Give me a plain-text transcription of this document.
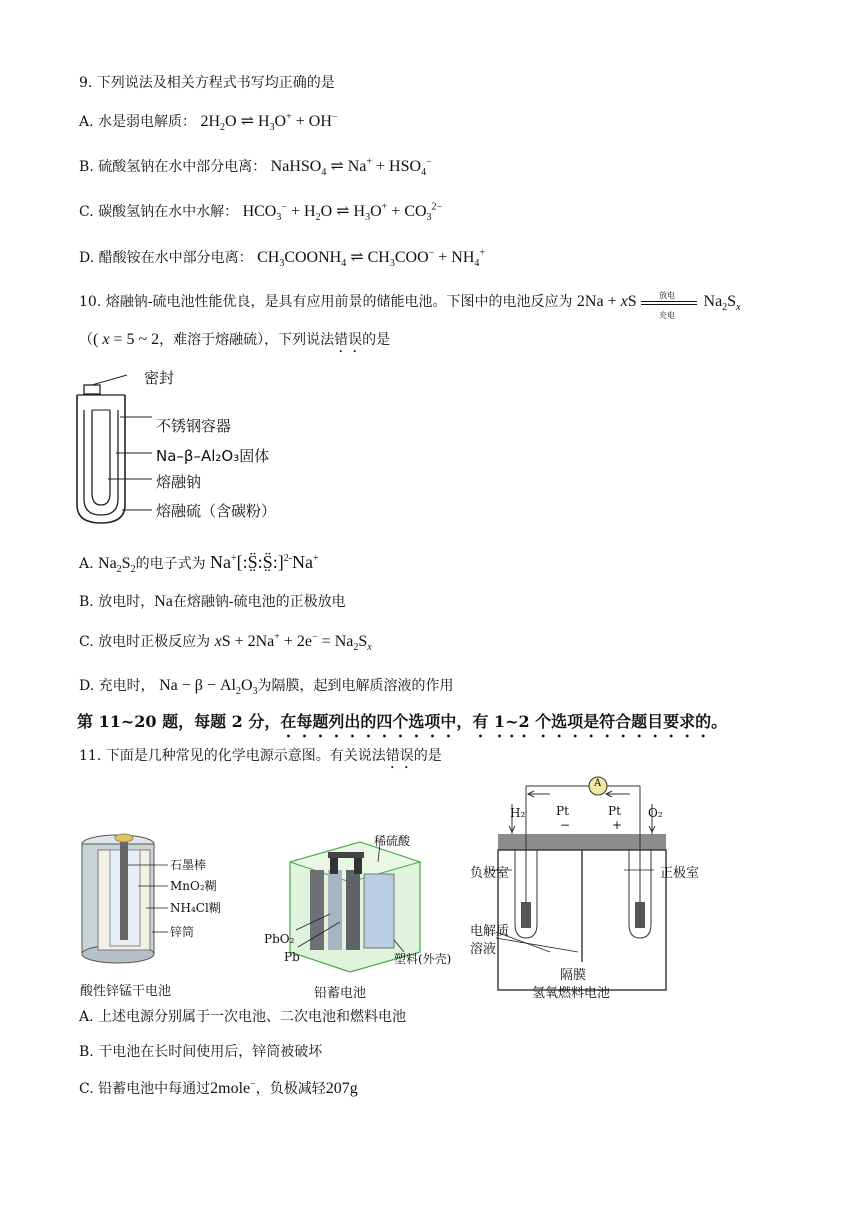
9. 下列说法及相关方程式书写均正确的是
A. 水是弱电解质： $2H_2O$ ⇌ $H_3O^+ + OH^-$
B. 硫酸氢钠在水中部分电离： NaHSO$_4$ ⇌ $Na^+ + HSO_4^-$
C. 碳酸氢钠在水中水解： $HCO_3^- + H_2O$ ⇌ $H_3O^+ + CO_3^{2-}$
D. 醋酸铵在水中部分电离： $CH_3COONH_4$ ⇌ $CH_3COO^- + NH_4^+$
10. 熔融钠-硫电池性能优良，是具有应用前景的储能电池。下图中的电池反应为 2Na + xS	放电
充电
$Na_2S_x$
（( x = 5 ~ 2，难溶于熔融硫），下列说法错误的是
密封
不锈钢容器
Na–β–Al₂O₃固体
熔融钠
熔融硫（含碳粉）
A. $Na_2S_2$的电子式为 Na+[:S̤̈:S̤̈:]$^{2-}$Na+
B. 放电时，Na在熔融钠-硫电池的正极放电
C. 放电时正极反应为 xS + $2Na^+ + 2e^- = Na_2S_x$
D. 充电时， $Na - \beta - Al_2O_3$为隔膜，起到电解质溶液的作用
第 11~20 题，每题 2 分，在每题列出的四个选项中，有 1~2 个选项是符合题目要求的。
11. 下面是几种常见的化学电源示意图。有关说法错误的是
石墨棒
MnO₂糊
NH₄Cl糊
锌筒
酸性锌锰干电池
稀硫酸
PbO₂
Pb	塑料(外壳)
铅蓄电池
A
H₂	O₂
Pt	Pt
−	+
负极室	正极室
电解质
溶液
隔膜
氢氧燃料电池
A. 上述电源分别属于一次电池、二次电池和燃料电池
B. 干电池在长时间使用后，锌筒被破坏
C. 铅蓄电池中每通过2mole−，负极减轻207g
